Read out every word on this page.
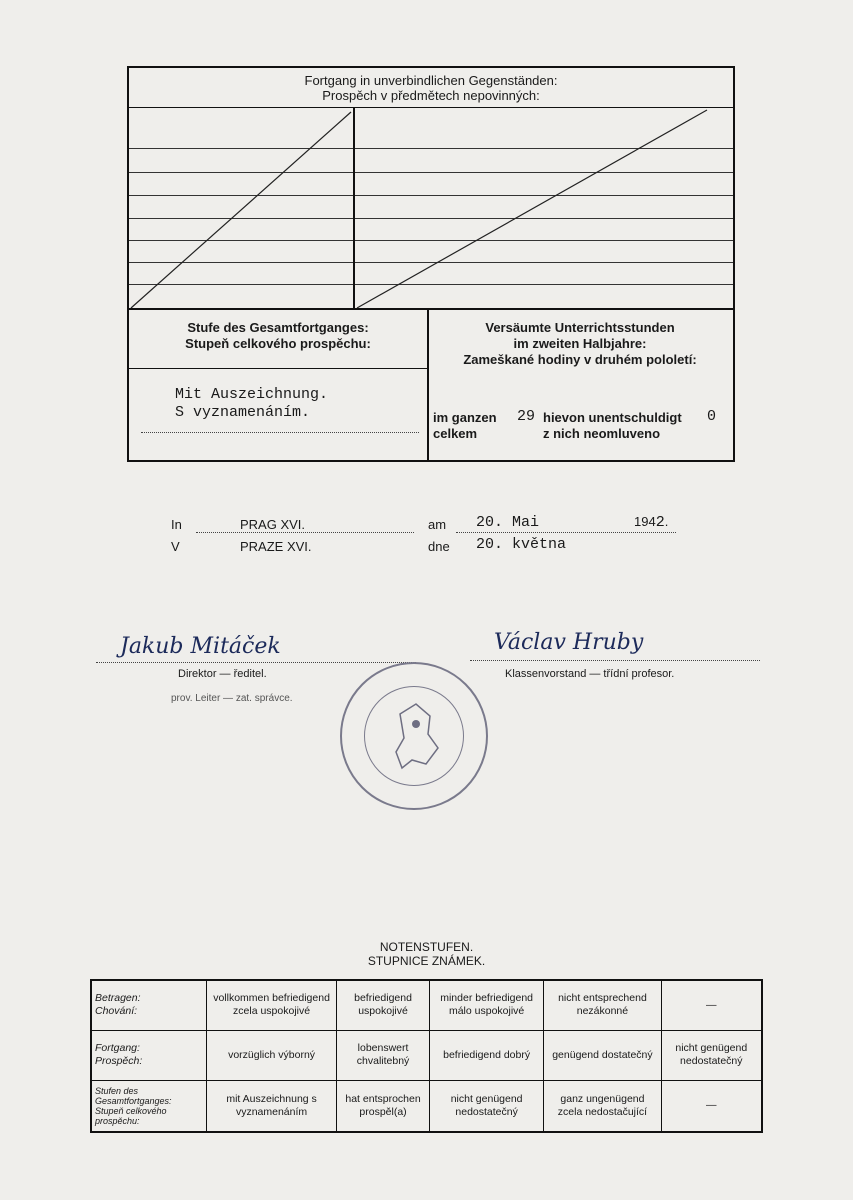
Fortgang in unverbindlichen Gegenständen:
Prospěch v předmětech nepovinných:
Stufe des Gesamtfortganges:
Stupeň celkového prospěchu:
Mit Auszeichnung.
S vyznamenáním.
Versäumte Unterrichtsstunden
im zweiten Halbjahre:
Zameškané hodiny v druhém pololetí:
im ganzen
celkem
29 hievon unentschuldigt
z nich neomluveno
0
In
V
PRAG XVI.
PRAZE XVI.
am
dne
20. Mai
20. května
1942.
Jakub Mitáček
Direktor — ředitel.
prov. Leiter — zat. správce.
Václav Hruby
Klassenvorstand — třídní profesor.
NOTENSTUFEN.
STUPNICE ZNÁMEK.
Betragen:
Chování:	vollkommen befriedigend zcela uspokojivé	befriedigend uspokojivé	minder befriedigend málo uspokojivé	nicht entsprechend nezákonné	—

Fortgang:
Prospěch:	vorzüglich výborný	lobenswert chvalitebný	befriedigend dobrý	genügend dostatečný	nicht genügend nedostatečný

Stufen des Gesamtfortganges:
Stupeň celkového prospěchu:	mit Auszeichnung s vyznamenáním	hat entsprochen prospěl(a)	nicht genügend nedostatečný	ganz ungenügend zcela nedostačující	—
